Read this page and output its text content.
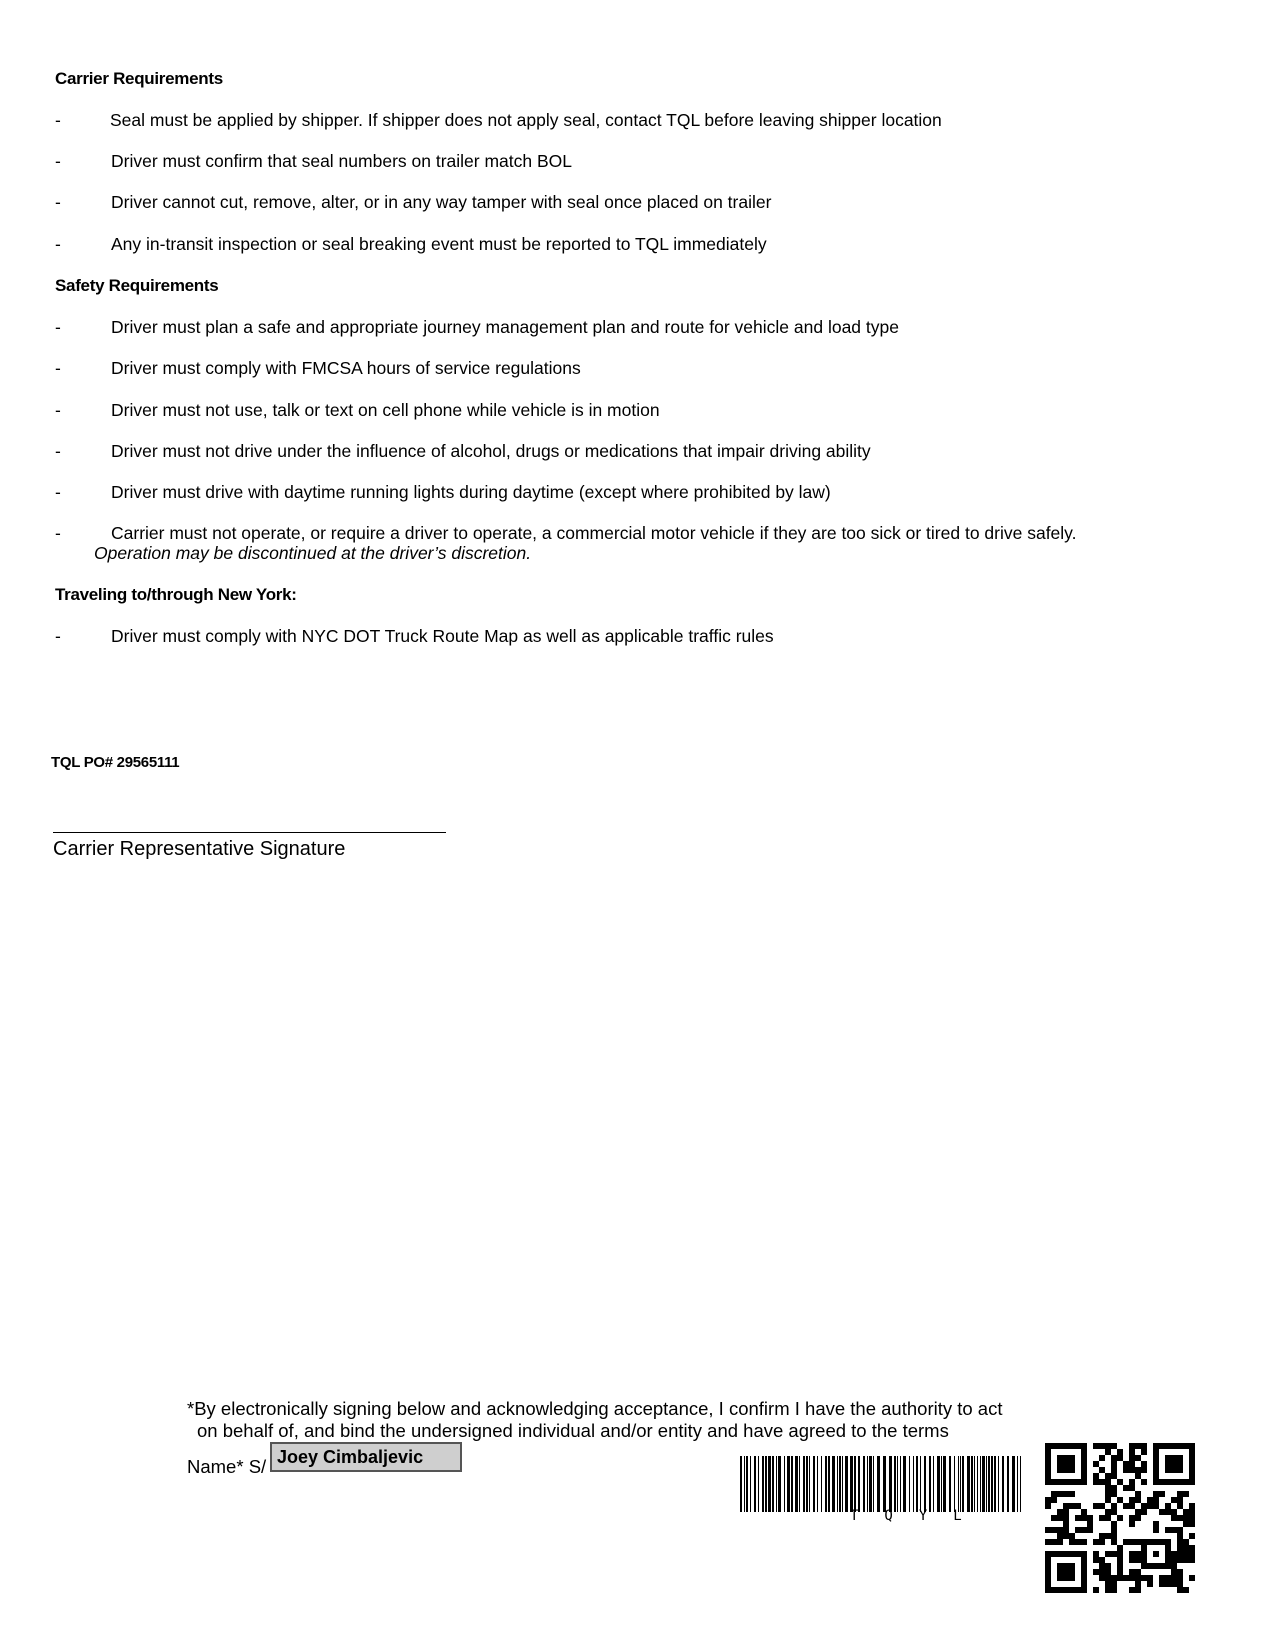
Carrier Requirements
-	Seal must be applied by shipper. If shipper does not apply seal, contact TQL before leaving shipper location
-	Driver must confirm that seal numbers on trailer match BOL
-	Driver cannot cut, remove, alter, or in any way tamper with seal once placed on trailer
-	Any in-transit inspection or seal breaking event must be reported to TQL immediately
Safety Requirements
-	Driver must plan a safe and appropriate journey management plan and route for vehicle and load type
-	Driver must comply with FMCSA hours of service regulations
-	Driver must not use, talk or text on cell phone while vehicle is in motion
-	Driver must not drive under the influence of alcohol, drugs or medications that impair driving ability
-	Driver must drive with daytime running lights during daytime (except where prohibited by law)
-	Carrier must not operate, or require a driver to operate, a commercial motor vehicle if they are too sick or tired to drive safely.
Operation may be discontinued at the driver’s discretion.
Traveling to/through New York:
-	Driver must comply with NYC DOT Truck Route Map as well as applicable traffic rules
TQL PO# 29565111
Carrier Representative Signature
*By electronically signing below and acknowledging acceptance, I confirm I have the authority to act
on behalf of, and bind the undersigned individual and/or entity and have agreed to the terms
Name* S/ Joey Cimbaljevic
TQYL
